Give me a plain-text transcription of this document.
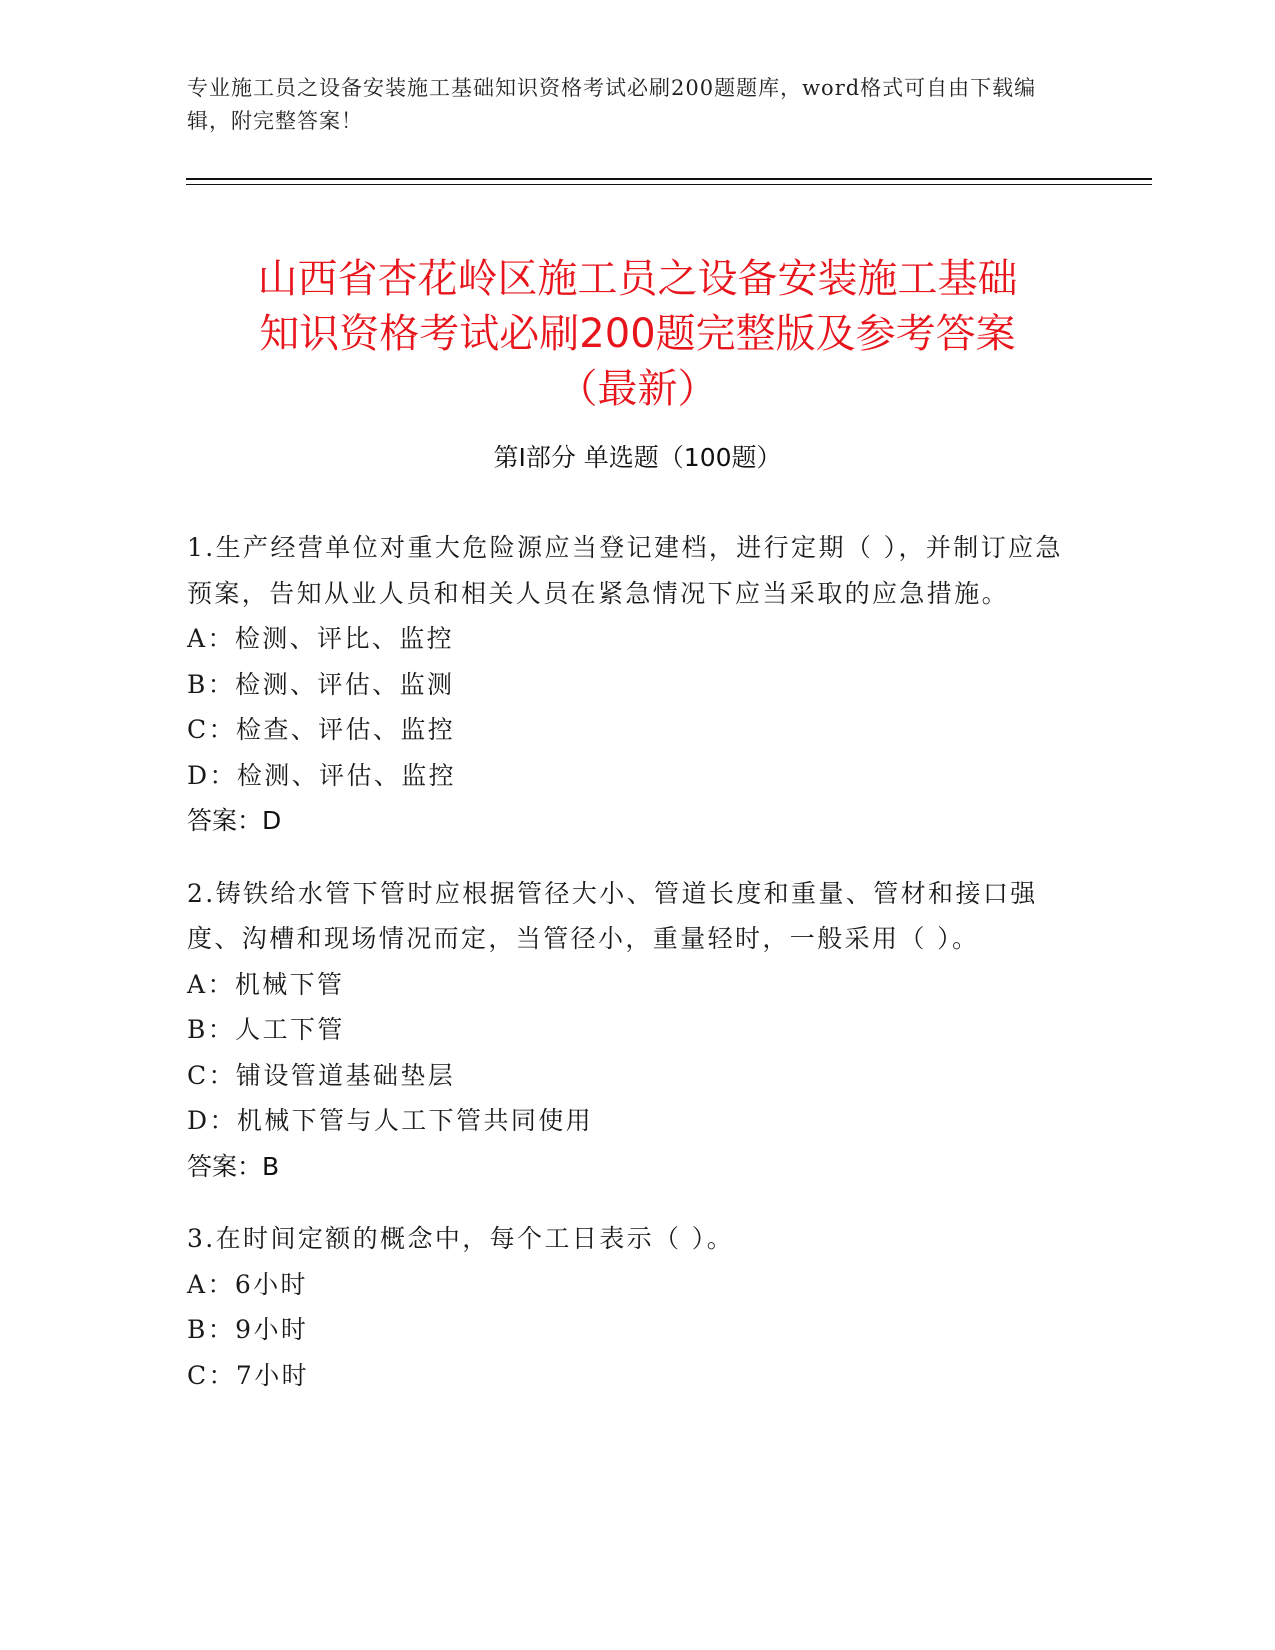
专业施工员之设备安装施工基础知识资格考试必刷200题题库，word格式可自由下载编辑，附完整答案！
山西省杏花岭区施工员之设备安装施工基础
知识资格考试必刷200题完整版及参考答案
（最新）
第Ⅰ部分 单选题（100题）
1.生产经营单位对重大危险源应当登记建档，进行定期（ ），并制订应急预案，告知从业人员和相关人员在紧急情况下应当采取的应急措施。
A：检测、评比、监控
B：检测、评估、监测
C：检查、评估、监控
D：检测、评估、监控
答案：D
2.铸铁给水管下管时应根据管径大小、管道长度和重量、管材和接口强度、沟槽和现场情况而定，当管径小，重量轻时，一般采用（ ）。
A：机械下管
B：人工下管
C：铺设管道基础垫层
D：机械下管与人工下管共同使用
答案：B
3.在时间定额的概念中，每个工日表示（ ）。
A：6小时
B：9小时
C：7小时
